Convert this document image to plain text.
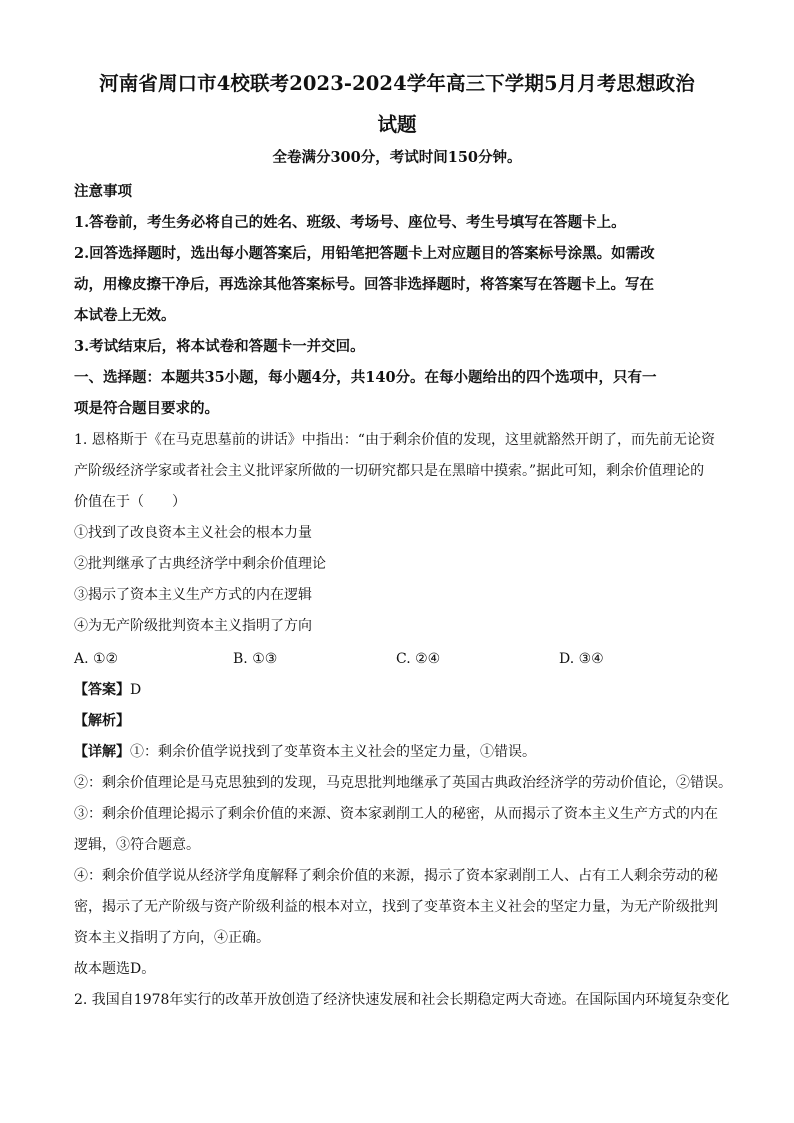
河南省周口市4校联考2023-2024学年高三下学期5月月考思想政治
试题
全卷满分300分，考试时间150分钟。
注意事项
1.答卷前，考生务必将自己的姓名、班级、考场号、座位号、考生号填写在答题卡上。
2.回答选择题时，选出每小题答案后，用铅笔把答题卡上对应题目的答案标号涂黑。如需改
动，用橡皮擦干净后，再选涂其他答案标号。回答非选择题时，将答案写在答题卡上。写在
本试卷上无效。
3.考试结束后，将本试卷和答题卡一并交回。
一、选择题：本题共35小题，每小题4分，共140分。在每小题给出的四个选项中，只有一
项是符合题目要求的。
1. 恩格斯于《在马克思墓前的讲话》中指出：“由于剩余价值的发现，这里就豁然开朗了，而先前无论资
产阶级经济学家或者社会主义批评家所做的一切研究都只是在黑暗中摸索。”据此可知，剩余价值理论的
价值在于（　　）
①找到了改良资本主义社会的根本力量
②批判继承了古典经济学中剩余价值理论
③揭示了资本主义生产方式的内在逻辑
④为无产阶级批判资本主义指明了方向
A. ①②	B. ①③	C. ②④	D. ③④
【答案】D
【解析】
【详解】①：剩余价值学说找到了变革资本主义社会的坚定力量，①错误。
②：剩余价值理论是马克思独到的发现，马克思批判地继承了英国古典政治经济学的劳动价值论，②错误。
③：剩余价值理论揭示了剩余价值的来源、资本家剥削工人的秘密，从而揭示了资本主义生产方式的内在
逻辑，③符合题意。
④：剩余价值学说从经济学角度解释了剩余价值的来源，揭示了资本家剥削工人、占有工人剩余劳动的秘
密，揭示了无产阶级与资产阶级利益的根本对立，找到了变革资本主义社会的坚定力量，为无产阶级批判
资本主义指明了方向，④正确。
故本题选D。
2. 我国自1978年实行的改革开放创造了经济快速发展和社会长期稳定两大奇迹。在国际国内环境复杂变化
